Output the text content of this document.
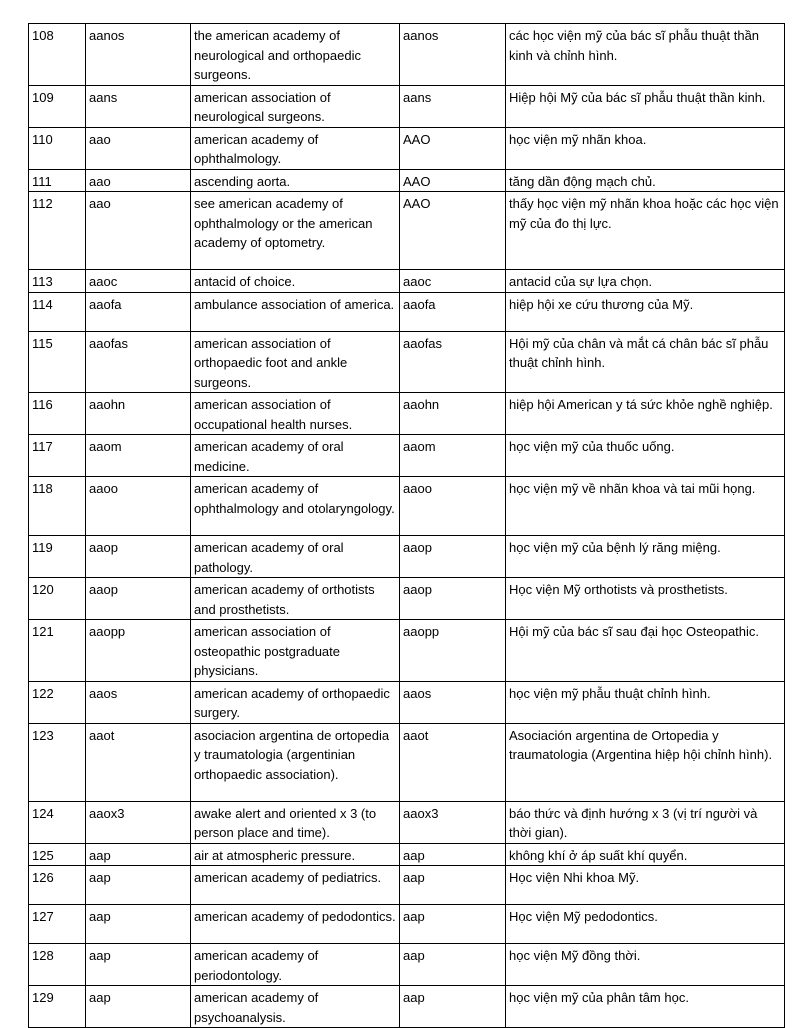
108	aanos	the american academy of neurological and orthopaedic surgeons.	aanos	các học viện mỹ của bác sĩ phẫu thuật thần kinh và chỉnh hình.
109	aans	american association of neurological surgeons.	aans	Hiệp hội Mỹ của bác sĩ phẫu thuật thần kinh.
110	aao	american academy of ophthalmology.	AAO	học viện mỹ nhãn khoa.
111	aao	ascending aorta.	AAO	tăng dần động mạch chủ.
112	aao	see american academy of ophthalmology or the american academy of optometry.	AAO	thấy học viện mỹ nhãn khoa hoặc các học viện mỹ của đo thị lực.
113	aaoc	antacid of choice.	aaoc	antacid của sự lựa chọn.
114	aaofa	ambulance association of america.	aaofa	hiệp hội xe cứu thương của Mỹ.
115	aaofas	american association of orthopaedic foot and ankle surgeons.	aaofas	Hội mỹ của chân và mắt cá chân bác sĩ phẫu thuật chỉnh hình.
116	aaohn	american association of occupational health nurses.	aaohn	hiệp hội American y tá sức khỏe nghề nghiệp.
117	aaom	american academy of oral medicine.	aaom	học viện mỹ của thuốc uống.
118	aaoo	american academy of ophthalmology and otolaryngology.	aaoo	học viện mỹ về nhãn khoa và tai mũi họng.
119	aaop	american academy of oral pathology.	aaop	học viện mỹ của bệnh lý răng miệng.
120	aaop	american academy of orthotists and prosthetists.	aaop	Học viện Mỹ orthotists và prosthetists.
121	aaopp	american association of osteopathic postgraduate physicians.	aaopp	Hội mỹ của bác sĩ sau đại học Osteopathic.
122	aaos	american academy of orthopaedic surgery.	aaos	học viện mỹ phẫu thuật chỉnh hình.
123	aaot	asociacion argentina de ortopedia y traumatologia (argentinian orthopaedic association).	aaot	Asociación argentina de Ortopedia y traumatologia (Argentina hiệp hội chỉnh hình).
124	aaox3	awake alert and oriented x 3 (to person place and time).	aaox3	báo thức và định hướng x 3 (vị trí người và thời gian).
125	aap	air at atmospheric pressure.	aap	không khí ở áp suất khí quyển.
126	aap	american academy of pediatrics.	aap	Học viện Nhi khoa Mỹ.
127	aap	american academy of pedodontics.	aap	Học viện Mỹ pedodontics.
128	aap	american academy of periodontology.	aap	học viện Mỹ đồng thời.
129	aap	american academy of psychoanalysis.	aap	học viện mỹ của phân tâm học.
